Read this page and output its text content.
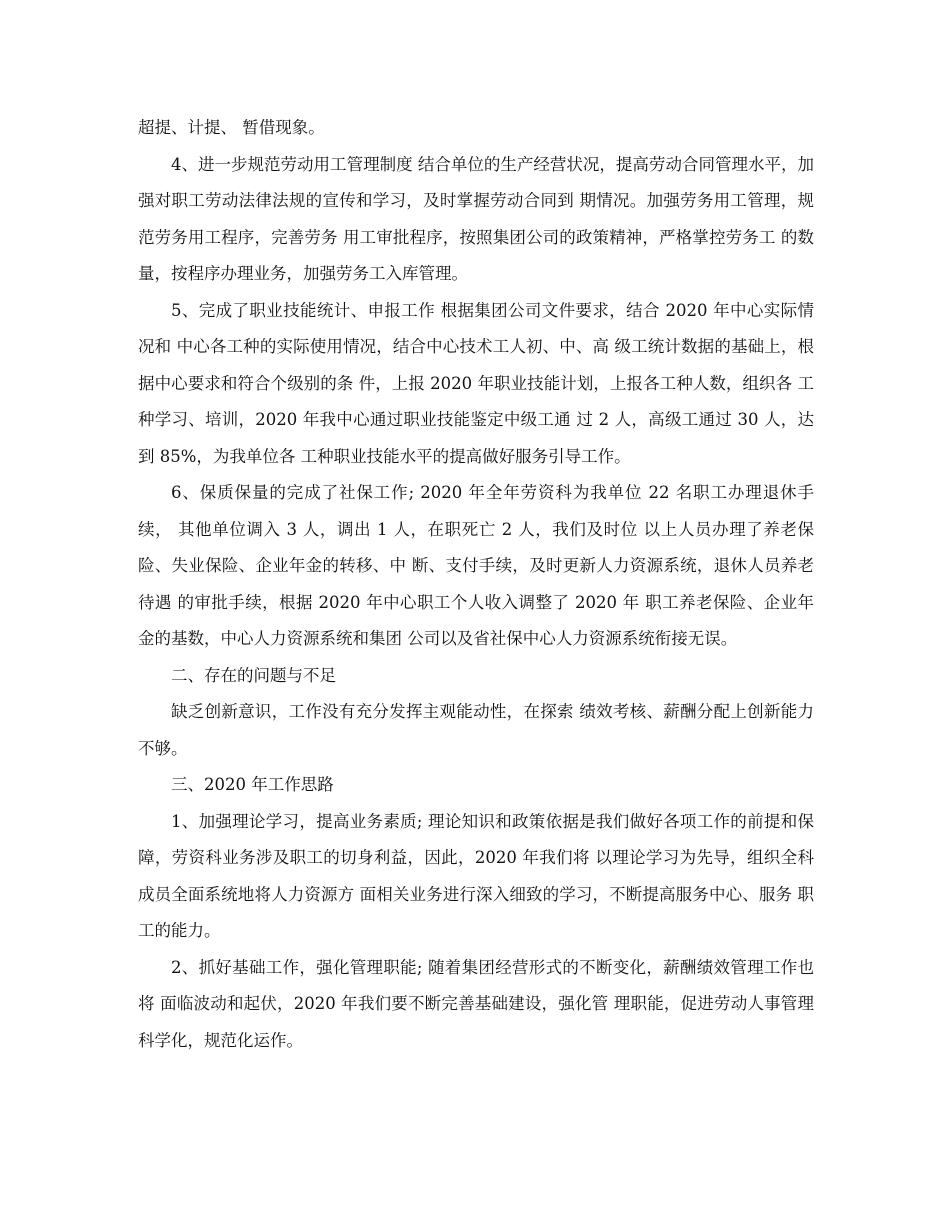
超提、计提、 暂借现象。

4、进一步规范劳动用工管理制度 结合单位的生产经营状况，提高劳动合同管理水平，加 强对职工劳动法律法规的宣传和学习，及时掌握劳动合同到 期情况。加强劳务用工管理，规范劳务用工程序，完善劳务 用工审批程序，按照集团公司的政策精神，严格掌控劳务工 的数量，按程序办理业务，加强劳务工入库管理。

5、完成了职业技能统计、申报工作 根据集团公司文件要求，结合 2020 年中心实际情况和 中心各工种的实际使用情况，结合中心技术工人初、中、高 级工统计数据的基础上，根据中心要求和符合个级别的条 件，上报 2020 年职业技能计划，上报各工种人数，组织各 工种学习、培训，2020 年我中心通过职业技能鉴定中级工通 过 2 人，高级工通过 30 人，达到 85%，为我单位各 工种职业技能水平的提高做好服务引导工作。

6、保质保量的完成了社保工作; 2020 年全年劳资科为我单位 22 名职工办理退休手续， 其他单位调入 3 人，调出 1 人，在职死亡 2 人，我们及时位 以上人员办理了养老保险、失业保险、企业年金的转移、中 断、支付手续，及时更新人力资源系统，退休人员养老待遇 的审批手续，根据 2020 年中心职工个人收入调整了 2020 年 职工养老保险、企业年金的基数，中心人力资源系统和集团 公司以及省社保中心人力资源系统衔接无误。

二、存在的问题与不足

缺乏创新意识，工作没有充分发挥主观能动性，在探索 绩效考核、薪酬分配上创新能力不够。

三、2020 年工作思路

1、加强理论学习，提高业务素质; 理论知识和政策依据是我们做好各项工作的前提和保 障，劳资科业务涉及职工的切身利益，因此，2020 年我们将 以理论学习为先导，组织全科成员全面系统地将人力资源方 面相关业务进行深入细致的学习，不断提高服务中心、服务 职工的能力。

2、抓好基础工作，强化管理职能; 随着集团经营形式的不断变化，薪酬绩效管理工作也将 面临波动和起伏，2020 年我们要不断完善基础建设，强化管 理职能，促进劳动人事管理科学化，规范化运作。
